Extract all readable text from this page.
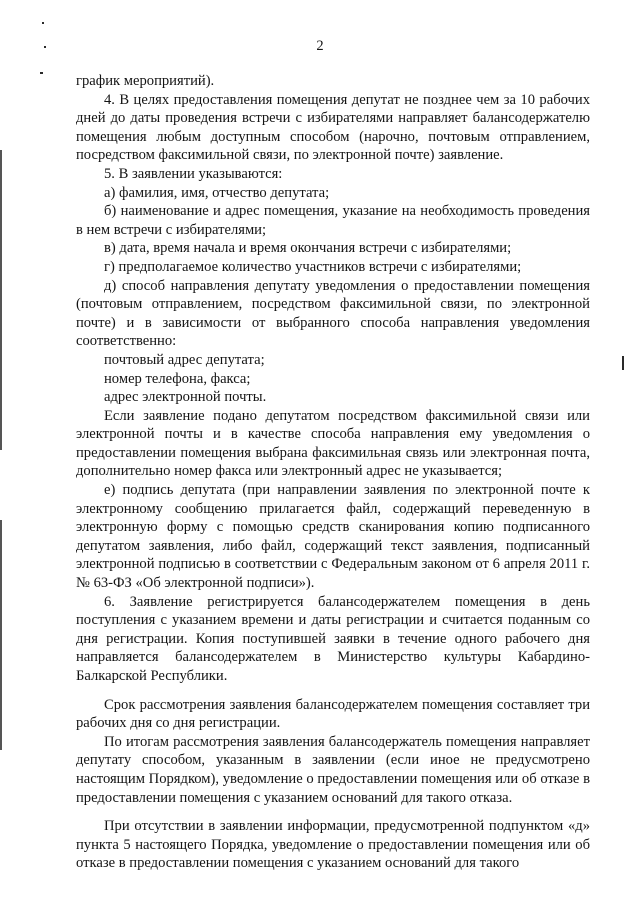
2

график мероприятий).

4. В целях предоставления помещения депутат не позднее чем за 10 рабочих дней до даты проведения встречи с избирателями направляет балансодержателю помещения любым доступным способом (нарочно, почтовым отправлением, посредством факсимильной связи, по электронной почте) заявление.

5. В заявлении указываются:

а) фамилия, имя, отчество депутата;

б) наименование и адрес помещения, указание на необходимость проведения в нем встречи с избирателями;

в) дата, время начала и время окончания встречи с избирателями;

г) предполагаемое количество участников встречи с избирателями;

д) способ направления депутату уведомления о предоставлении помещения (почтовым отправлением, посредством факсимильной связи, по электронной почте) и в зависимости от выбранного способа направления уведомления соответственно:

почтовый адрес депутата;

номер телефона, факса;

адрес электронной почты.

Если заявление подано депутатом посредством факсимильной связи или электронной почты и в качестве способа направления ему уведомления о предоставлении помещения выбрана факсимильная связь или электронная почта, дополнительно номер факса или электронный адрес не указывается;

е) подпись депутата (при направлении заявления по электронной почте к электронному сообщению прилагается файл, содержащий переведенную в электронную форму с помощью средств сканирования копию подписанного депутатом заявления, либо файл, содержащий текст заявления, подписанный электронной подписью в соответствии с Федеральным законом от 6 апреля 2011 г. № 63-ФЗ «Об электронной подписи»).

6. Заявление регистрируется балансодержателем помещения в день поступления с указанием времени и даты регистрации и считается поданным со дня регистрации. Копия поступившей заявки в течение одного рабочего дня направляется балансодержателем в Министерство культуры Кабардино-Балкарской Республики.

Срок рассмотрения заявления балансодержателем помещения составляет три рабочих дня со дня регистрации.

По итогам рассмотрения заявления балансодержатель помещения направляет депутату способом, указанным в заявлении (если иное не предусмотрено настоящим Порядком), уведомление о предоставлении помещения или об отказе в предоставлении помещения с указанием оснований для такого отказа.

При отсутствии в заявлении информации, предусмотренной подпунктом «д» пункта 5 настоящего Порядка, уведомление о предоставлении помещения или об отказе в предоставлении помещения с указанием оснований для такого
